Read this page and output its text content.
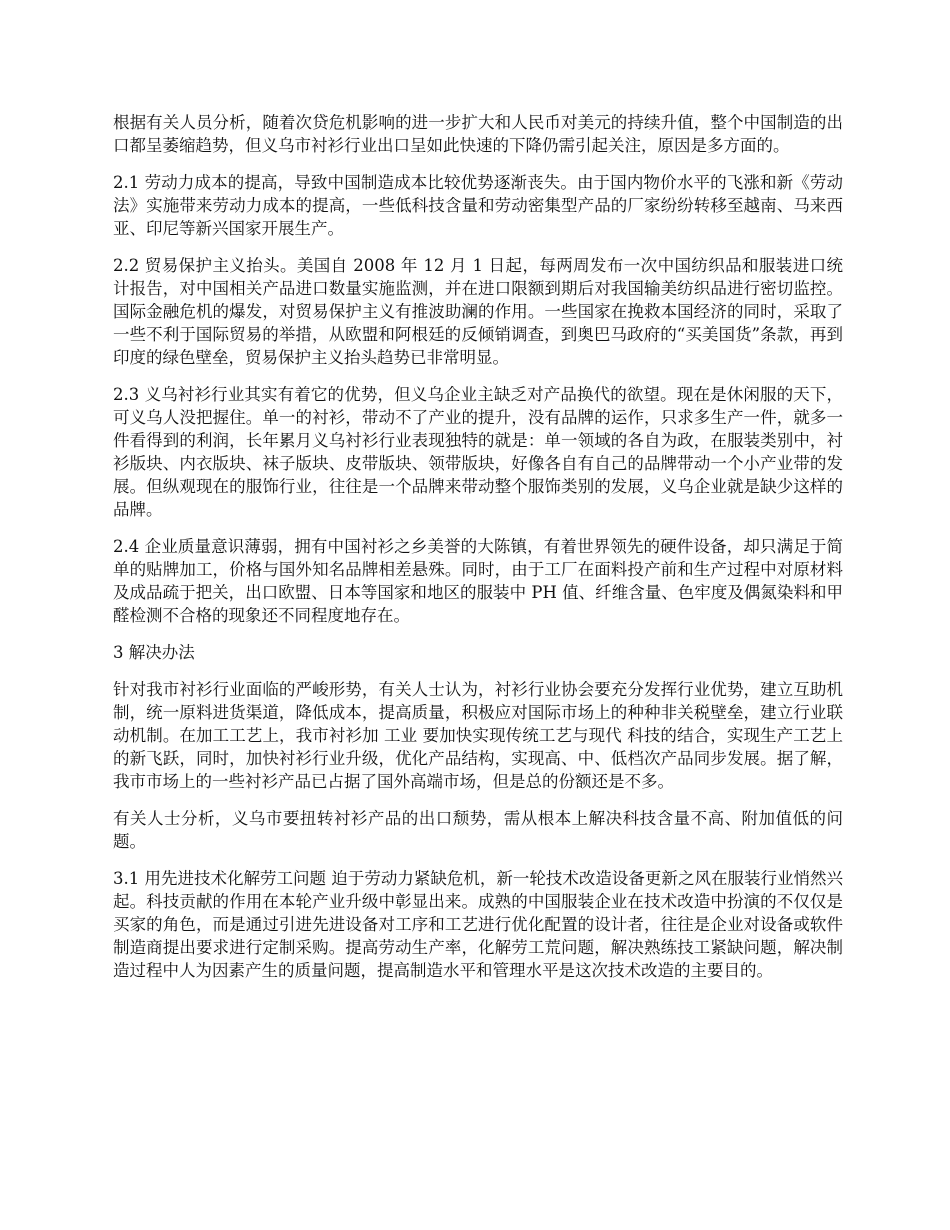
根据有关人员分析，随着次贷危机影响的进一步扩大和人民币对美元的持续升值，整个中国制造的出口都呈萎缩趋势，但义乌市衬衫行业出口呈如此快速的下降仍需引起关注，原因是多方面的。

2.1 劳动力成本的提高，导致中国制造成本比较优势逐渐丧失。由于国内物价水平的飞涨和新《劳动法》实施带来劳动力成本的提高，一些低科技含量和劳动密集型产品的厂家纷纷转移至越南、马来西亚、印尼等新兴国家开展生产。

2.2 贸易保护主义抬头。美国自 2008 年 12 月 1 日起，每两周发布一次中国纺织品和服装进口统计报告，对中国相关产品进口数量实施监测，并在进口限额到期后对我国输美纺织品进行密切监控。国际金融危机的爆发，对贸易保护主义有推波助澜的作用。一些国家在挽救本国经济的同时，采取了一些不利于国际贸易的举措，从欧盟和阿根廷的反倾销调查，到奥巴马政府的“买美国货”条款，再到印度的绿色壁垒，贸易保护主义抬头趋势已非常明显。

2.3 义乌衬衫行业其实有着它的优势，但义乌企业主缺乏对产品换代的欲望。现在是休闲服的天下，可义乌人没把握住。单一的衬衫，带动不了产业的提升，没有品牌的运作，只求多生产一件，就多一件看得到的利润，长年累月义乌衬衫行业表现独特的就是：单一领域的各自为政，在服装类别中，衬衫版块、内衣版块、袜子版块、皮带版块、领带版块，好像各自有自己的品牌带动一个小产业带的发展。但纵观现在的服饰行业，往往是一个品牌来带动整个服饰类别的发展，义乌企业就是缺少这样的品牌。

2.4 企业质量意识薄弱，拥有中国衬衫之乡美誉的大陈镇，有着世界领先的硬件设备，却只满足于简单的贴牌加工，价格与国外知名品牌相差悬殊。同时，由于工厂在面料投产前和生产过程中对原材料及成品疏于把关，出口欧盟、日本等国家和地区的服装中 PH 值、纤维含量、色牢度及偶氮染料和甲醛检测不合格的现象还不同程度地存在。

3 解决办法

针对我市衬衫行业面临的严峻形势，有关人士认为，衬衫行业协会要充分发挥行业优势，建立互助机制，统一原料进货渠道，降低成本，提高质量，积极应对国际市场上的种种非关税壁垒，建立行业联动机制。在加工工艺上，我市衬衫加 工业 要加快实现传统工艺与现代 科技的结合，实现生产工艺上的新飞跃，同时，加快衬衫行业升级，优化产品结构，实现高、中、低档次产品同步发展。据了解，我市市场上的一些衬衫产品已占据了国外高端市场，但是总的份额还是不多。

有关人士分析，义乌市要扭转衬衫产品的出口颓势，需从根本上解决科技含量不高、附加值低的问题。

3.1 用先进技术化解劳工问题 迫于劳动力紧缺危机，新一轮技术改造设备更新之风在服装行业悄然兴起。科技贡献的作用在本轮产业升级中彰显出来。成熟的中国服装企业在技术改造中扮演的不仅仅是买家的角色，而是通过引进先进设备对工序和工艺进行优化配置的设计者，往往是企业对设备或软件制造商提出要求进行定制采购。提高劳动生产率，化解劳工荒问题，解决熟练技工紧缺问题，解决制造过程中人为因素产生的质量问题，提高制造水平和管理水平是这次技术改造的主要目的。
